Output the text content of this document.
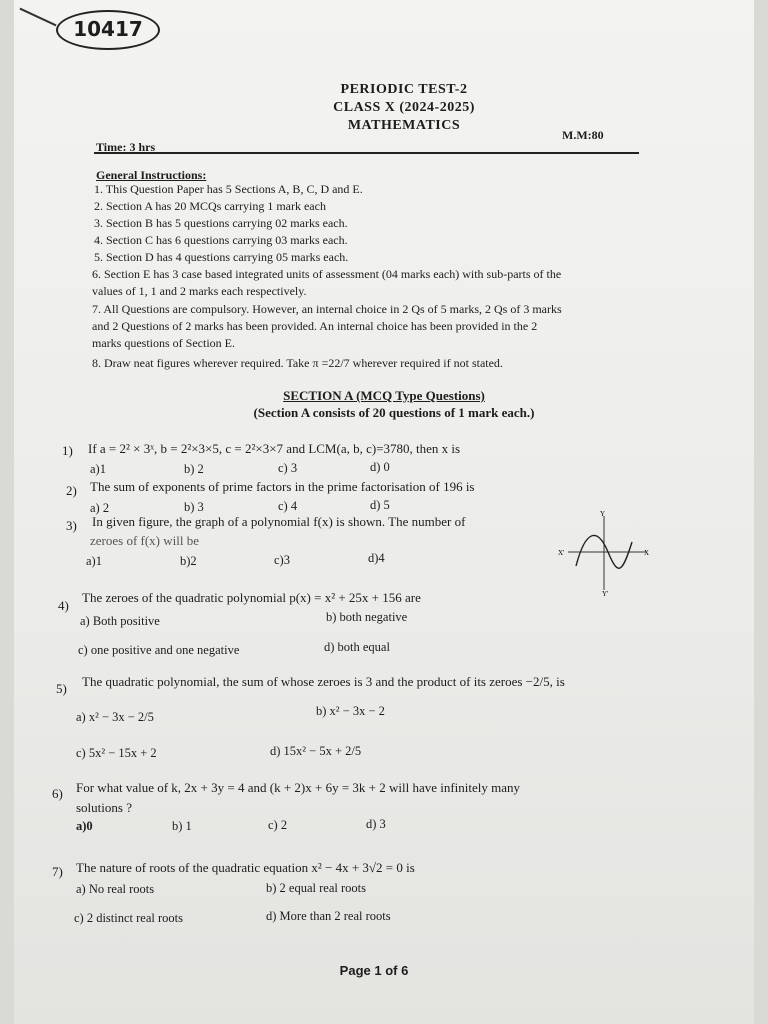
10417
PERIODIC TEST-2
CLASS X (2024-2025)
MATHEMATICS
Time: 3 hrs
M.M:80
General Instructions:
1. This Question Paper has 5 Sections A, B, C, D and E.
2. Section A has 20 MCQs carrying 1 mark each
3. Section B has 5 questions carrying 02 marks each.
4. Section C has 6 questions carrying 03 marks each.
5. Section D has 4 questions carrying 05 marks each.
6. Section E has 3 case based integrated units of assessment (04 marks each) with sub-parts of the
values of 1, 1 and 2 marks each respectively.
7. All Questions are compulsory. However, an internal choice in 2 Qs of 5 marks, 2 Qs of 3 marks
and 2 Questions of 2 marks has been provided. An internal choice has been provided in the 2
marks questions of Section E.
8. Draw neat figures wherever required. Take π =22/7 wherever required if not stated.
SECTION A (MCQ Type Questions)
(Section A consists of 20 questions of 1 mark each.)
1) If a = 2² × 3ˣ, b = 2²×3×5, c = 2²×3×7 and LCM(a, b, c)=3780, then x is
a)1	b) 2	c) 3	d) 0
2) The sum of exponents of prime factors in the prime factorisation of 196 is
a) 2	b) 3	c) 4	d) 5
3) In given figure, the graph of a polynomial f(x) is shown. The number of
zeroes of f(x) will be
a)1	b)2	c)3	d)4	X
X'
Y
Y'
4)
The zeroes of the quadratic polynomial p(x) = x² + 25x + 156 are
a) Both positive	b) both negative
c) one positive and one negative	d) both equal
5) The quadratic polynomial, the sum of whose zeroes is 3 and the product of its zeroes −2/5, is
a) x² − 3x − 2/5	b) x² − 3x − 2
c) 5x² − 15x + 2	d) 15x² − 5x + 2/5
6) For what value of k, 2x + 3y = 4 and (k + 2)x + 6y = 3k + 2 will have infinitely many
solutions ?
a)0	b) 1	c) 2	d) 3
7) The nature of roots of the quadratic equation x² − 4x + 3√2 = 0 is
a) No real roots	b) 2 equal real roots
c) 2 distinct real roots	d) More than 2 real roots
Page 1 of 6
